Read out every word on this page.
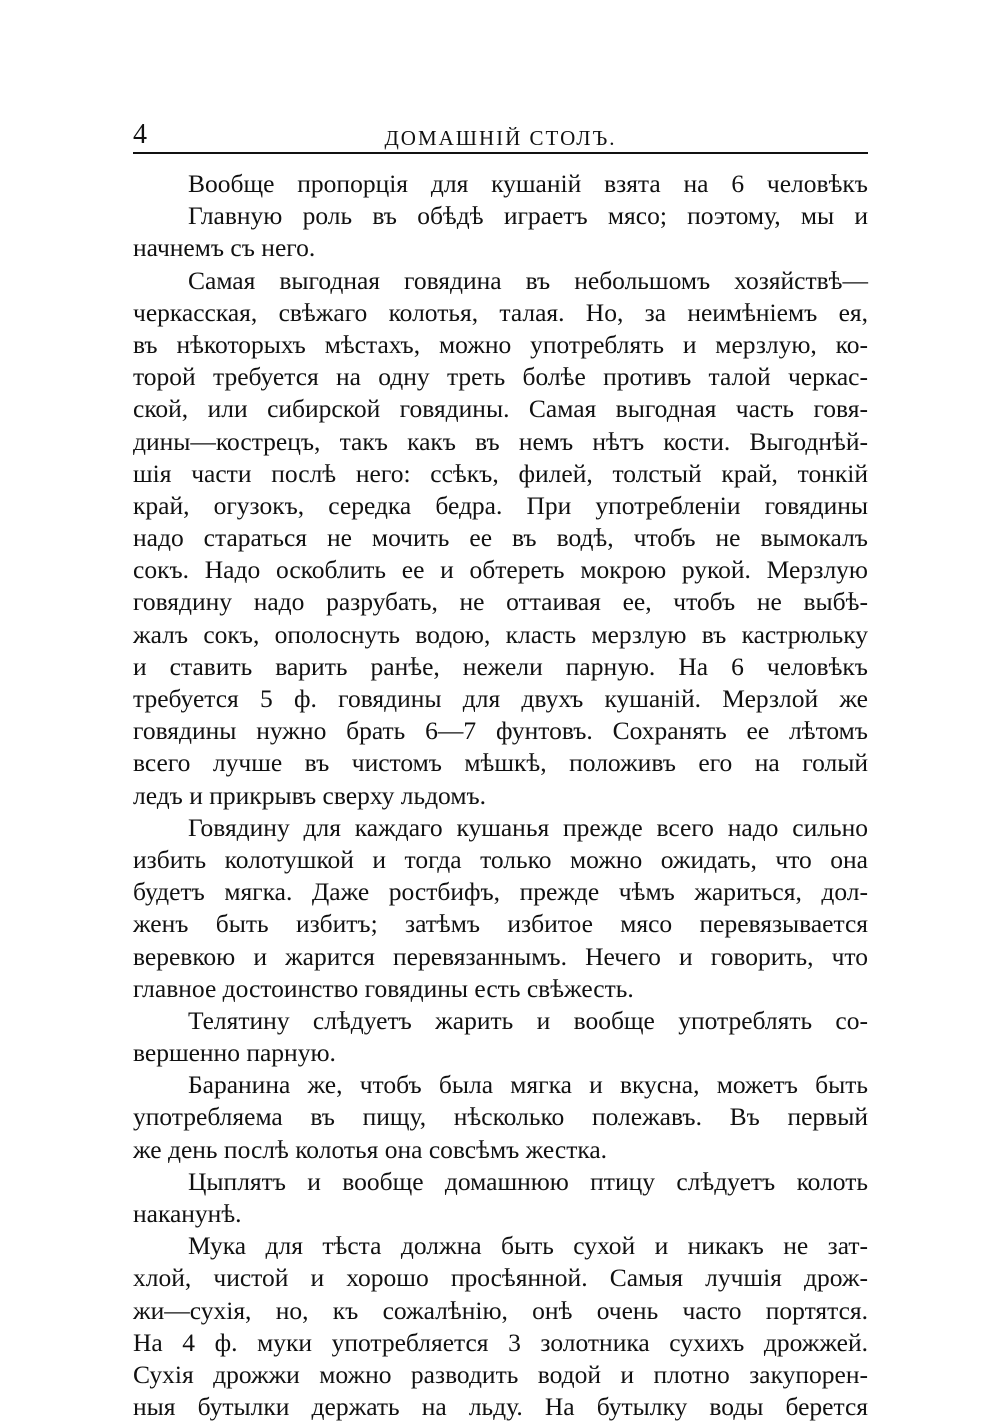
4	ДОМАШНІЙ СТОЛЪ.
Вообще пропорція для кушаній взята на 6 человѣкъ
Главную роль въ обѣдѣ играетъ мясо; поэтому, мы и
начнемъ съ него.
Самая выгодная говядина въ небольшомъ хозяйствѣ—
черкасская, свѣжаго колотья, талая. Но, за неимѣніемъ ея,
въ нѣкоторыхъ мѣстахъ, можно употреблять и мерзлую, ко-
торой требуется на одну треть болѣе противъ талой черкас-
ской, или сибирской говядины. Самая выгодная часть говя-
дины—кострецъ, такъ какъ въ немъ нѣтъ кости. Выгоднѣй-
шія части послѣ него: ссѣкъ, филей, толстый край, тонкій
край, огузокъ, середка бедра. При употребленіи говядины
надо стараться не мочить ее въ водѣ, чтобъ не вымокалъ
сокъ. Надо оскоблить ее и обтереть мокрою рукой. Мерзлую
говядину надо разрубать, не оттаивая ее, чтобъ не выбѣ-
жалъ сокъ, ополоснуть водою, класть мерзлую въ кастрюльку
и ставить варить ранѣе, нежели парную. На 6 человѣкъ
требуется 5 ф. говядины для двухъ кушаній. Мерзлой же
говядины нужно брать 6—7 фунтовъ. Сохранять ее лѣтомъ
всего лучше въ чистомъ мѣшкѣ, положивъ его на голый
ледъ и прикрывъ сверху льдомъ.
Говядину для каждаго кушанья прежде всего надо сильно
избить колотушкой и тогда только можно ожидать, что она
будетъ мягка. Даже ростбифъ, прежде чѣмъ жариться, дол-
женъ быть избитъ; затѣмъ избитое мясо перевязывается
веревкою и жарится перевязаннымъ. Нечего и говорить, что
главное достоинство говядины есть свѣжесть.
Телятину слѣдуетъ жарить и вообще употреблять со-
вершенно парную.
Баранина же, чтобъ была мягка и вкусна, можетъ быть
употребляема въ пищу, нѣсколько полежавъ. Въ первый
же день послѣ колотья она совсѣмъ жестка.
Цыплятъ и вообще домашнюю птицу слѣдуетъ колоть
наканунѣ.
Мука для тѣста должна быть сухой и никакъ не зат-
хлой, чистой и хорошо просѣянной. Самыя лучшія дрож-
жи—сухія, но, къ сожалѣнію, онѣ очень часто портятся.
На 4 ф. муки употребляется 3 золотника сухихъ дрожжей.
Сухія дрожжи можно разводить водой и плотно закупорен-
ныя бутылки держать на льду. На бутылку воды берется
